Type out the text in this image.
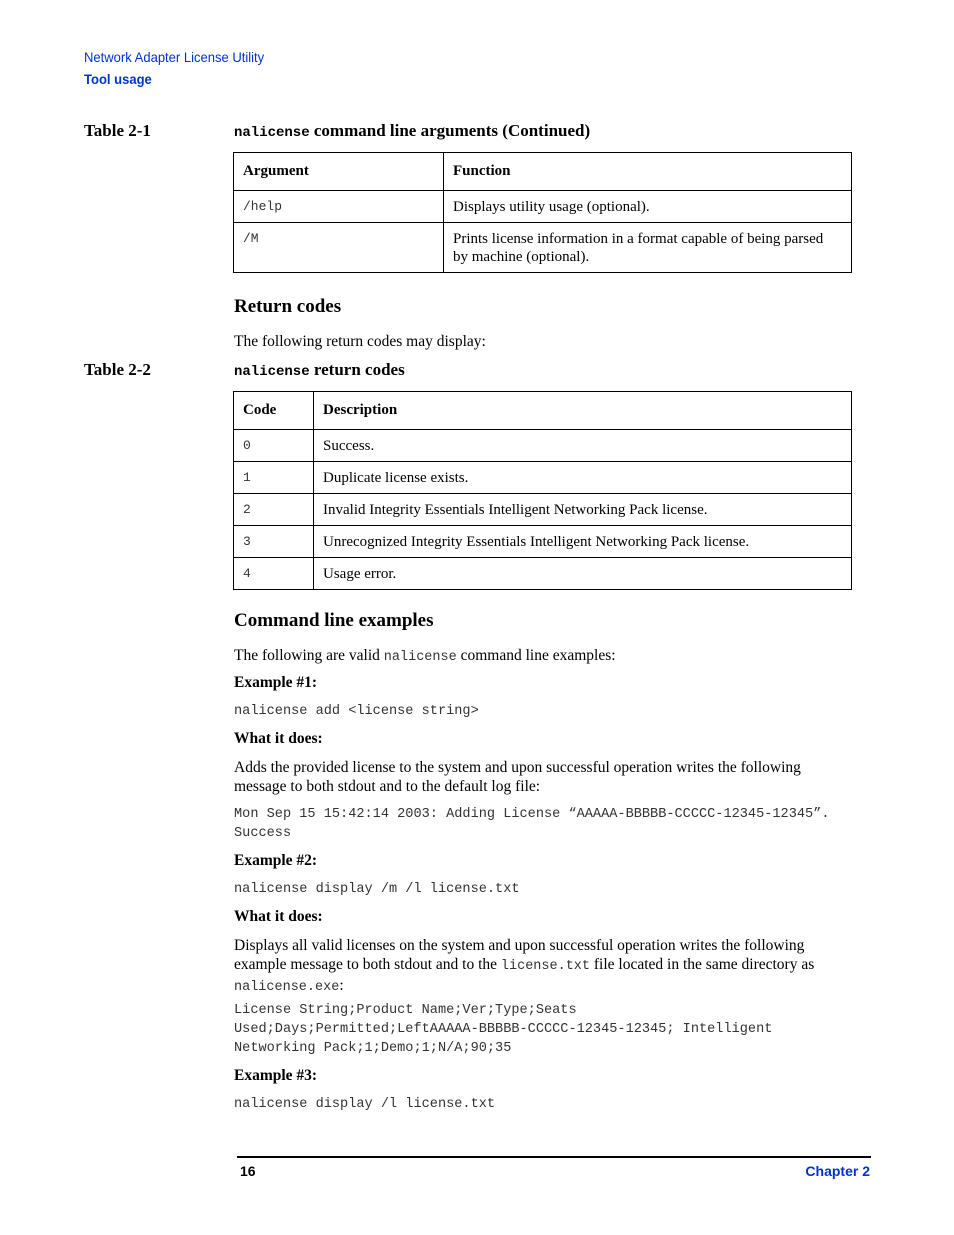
Network Adapter License Utility
Tool usage
Table 2-1	nalicense command line arguments (Continued)
Argument	Function
/help	Displays utility usage (optional).
/M	Prints license information in a format capable of being parsed by machine (optional).
Return codes

The following return codes may display:

Table 2-2	nalicense return codes
Code	Description
0	Success.
1	Duplicate license exists.
2	Invalid Integrity Essentials Intelligent Networking Pack license.
3	Unrecognized Integrity Essentials Intelligent Networking Pack license.
4	Usage error.
Command line examples

The following are valid nalicense command line examples:

Example #1:
nalicense add <license string>
What it does:

Adds the provided license to the system and upon successful operation writes the following message to both stdout and to the default log file:

Mon Sep 15 15:42:14 2003: Adding License “AAAAA-BBBBB-CCCCC-12345-12345”.
Success
Example #2:
nalicense display /m /l license.txt
What it does:

Displays all valid licenses on the system and upon successful operation writes the following example message to both stdout and to the license.txt file located in the same directory as nalicense.exe:

License String;Product Name;Ver;Type;Seats
Used;Days;Permitted;LeftAAAAA-BBBBB-CCCCC-12345-12345; Intelligent
Networking Pack;1;Demo;1;N/A;90;35
Example #3:
nalicense display /l license.txt
16	Chapter 2
